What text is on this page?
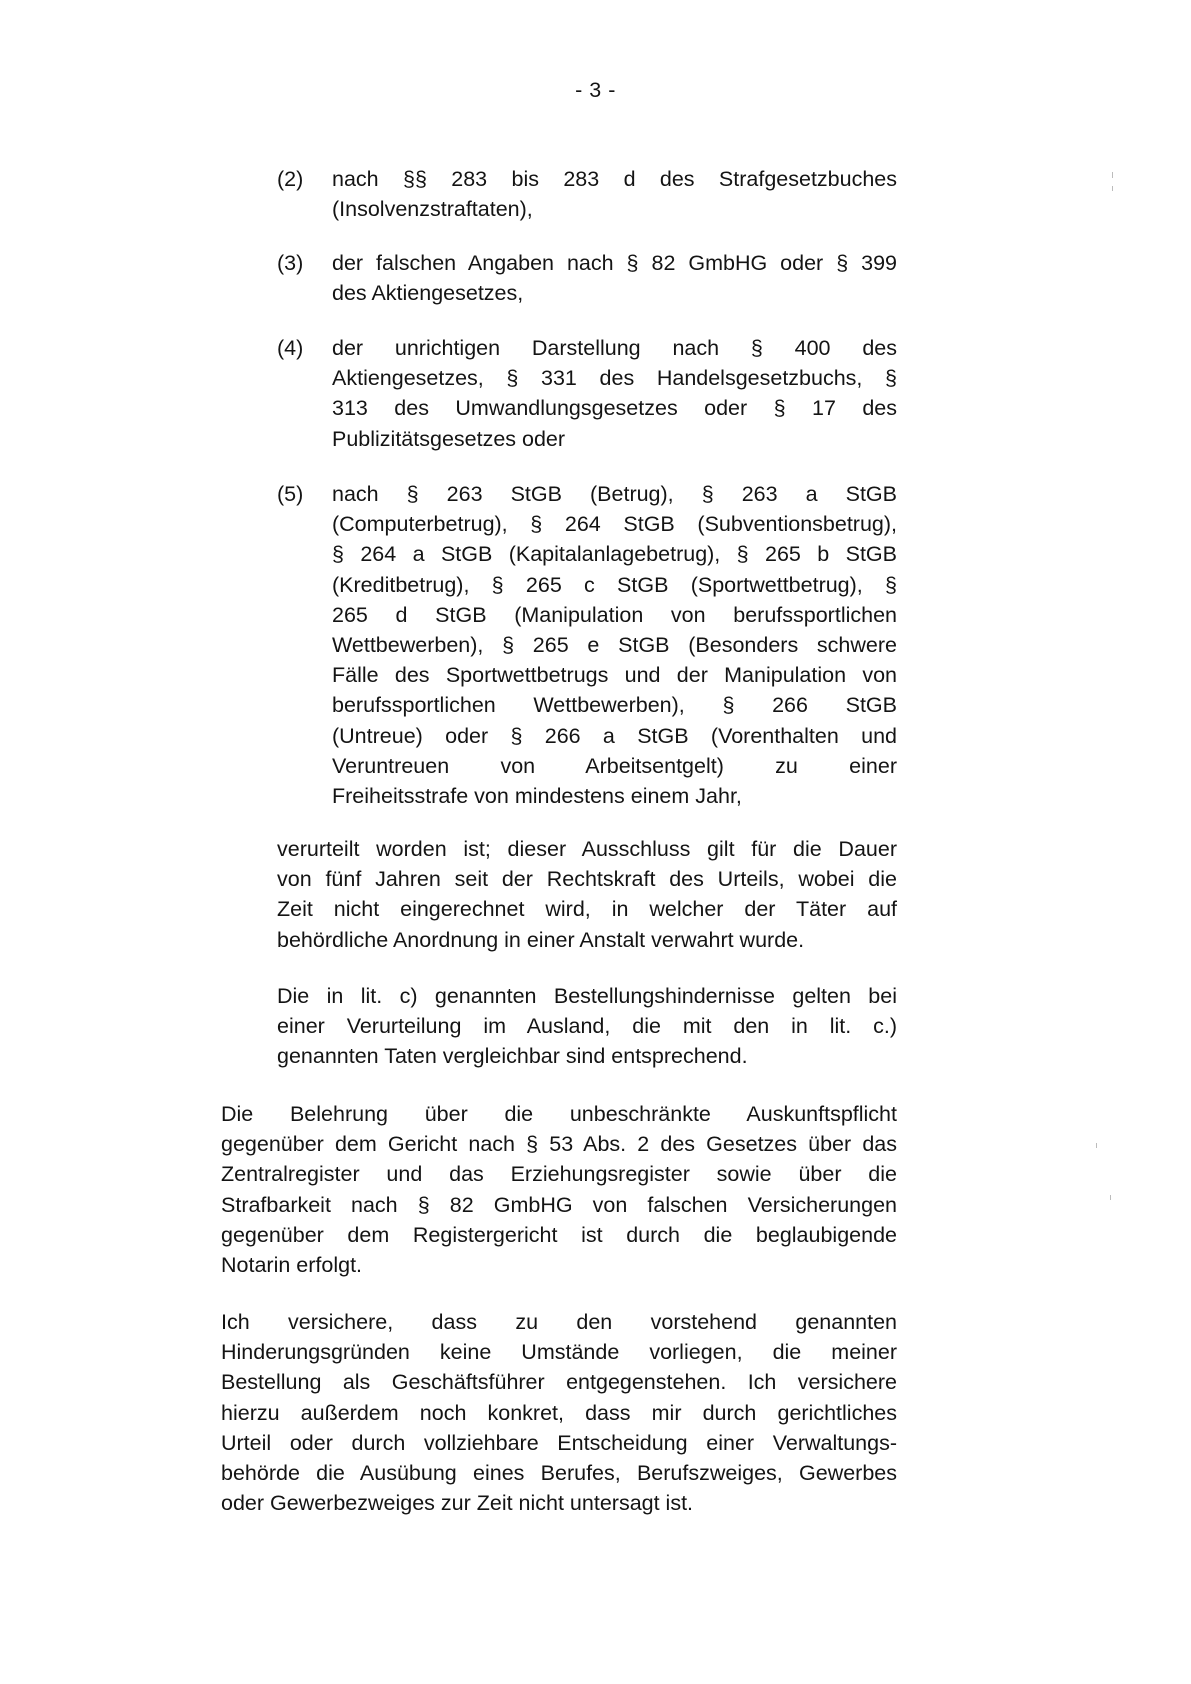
- 3 -
(2) nach §§ 283 bis 283 d des Strafgesetzbuches
(Insolvenzstraftaten),
(3) der falschen Angaben nach § 82 GmbHG oder § 399
des Aktiengesetzes,
(4) der unrichtigen Darstellung nach § 400 des
Aktiengesetzes, § 331 des Handelsgesetzbuchs, §
313 des Umwandlungsgesetzes oder § 17 des
Publizitätsgesetzes oder
(5) nach § 263 StGB (Betrug), § 263 a StGB
(Computerbetrug), § 264 StGB (Subventionsbetrug),
§ 264 a StGB (Kapitalanlagebetrug), § 265 b StGB
(Kreditbetrug), § 265 c StGB (Sportwettbetrug), §
265 d StGB (Manipulation von berufssportlichen
Wettbewerben), § 265 e StGB (Besonders schwere
Fälle des Sportwettbetrugs und der Manipulation von
berufssportlichen Wettbewerben), § 266 StGB
(Untreue) oder § 266 a StGB (Vorenthalten und
Veruntreuen von Arbeitsentgelt) zu einer
Freiheitsstrafe von mindestens einem Jahr,
verurteilt worden ist; dieser Ausschluss gilt für die Dauer
von fünf Jahren seit der Rechtskraft des Urteils, wobei die
Zeit nicht eingerechnet wird, in welcher der Täter auf
behördliche Anordnung in einer Anstalt verwahrt wurde.
Die in lit. c) genannten Bestellungshindernisse gelten bei
einer Verurteilung im Ausland, die mit den in lit. c.)
genannten Taten vergleichbar sind entsprechend.
Die Belehrung über die unbeschränkte Auskunftspflicht
gegenüber dem Gericht nach § 53 Abs. 2 des Gesetzes über das
Zentralregister und das Erziehungsregister sowie über die
Strafbarkeit nach § 82 GmbHG von falschen Versicherungen
gegenüber dem Registergericht ist durch die beglaubigende
Notarin erfolgt.
Ich versichere, dass zu den vorstehend genannten
Hinderungsgründen keine Umstände vorliegen, die meiner
Bestellung als Geschäftsführer entgegenstehen. Ich versichere
hierzu außerdem noch konkret, dass mir durch gerichtliches
Urteil oder durch vollziehbare Entscheidung einer Verwaltungs-
behörde die Ausübung eines Berufes, Berufszweiges, Gewerbes
oder Gewerbezweiges zur Zeit nicht untersagt ist.
